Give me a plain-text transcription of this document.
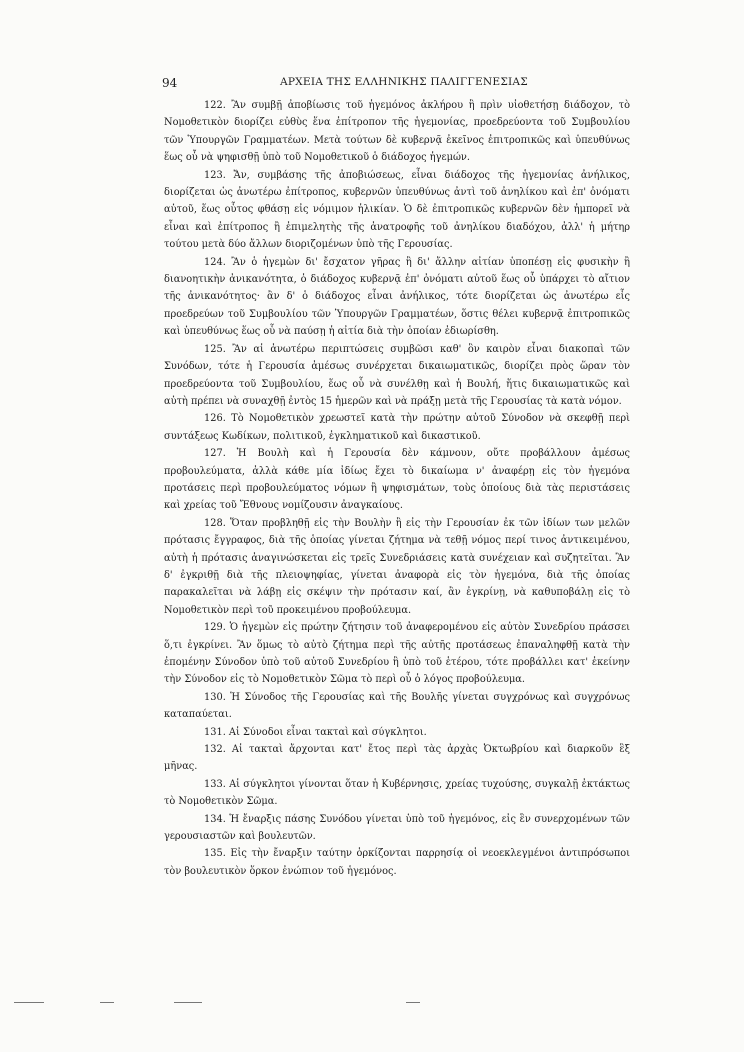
94	ΑΡΧΕΙΑ ΤΗΣ ΕΛΛΗΝΙΚΗΣ ΠΑΛΙΓΓΕΝΕΣΙΑΣ

122. Ἂν συμβῇ ἀποβίωσις τοῦ ἡγεμόνος ἀκλήρου ἢ πρὶν υἱοθετήσῃ διάδοχον, τὸ Νομοθετικὸν διορίζει εὐθὺς ἕνα ἐπίτροπον τῆς ἡγεμονίας, προεδρεύοντα τοῦ Συμβουλίου τῶν Ὑπουργῶν Γραμματέων. Μετὰ τούτων δὲ κυβερνᾷ ἐκεῖνος ἐπιτροπικῶς καὶ ὑπευθύνως ἕως οὗ νὰ ψηφισθῇ ὑπὸ τοῦ Νομοθετικοῦ ὁ διάδοχος ἡγεμών.

123. Ἄν, συμβάσης τῆς ἀποβιώσεως, εἶναι διάδοχος τῆς ἡγεμονίας ἀνήλικος, διορίζεται ὡς ἀνωτέρω ἐπίτροπος, κυβερνῶν ὑπευθύνως ἀντὶ τοῦ ἀνηλίκου καὶ ἐπ' ὀνόματι αὐτοῦ, ἕως οὗτος φθάσῃ εἰς νόμιμον ἡλικίαν. Ὁ δὲ ἐπιτροπικῶς κυβερνῶν δὲν ἠμπορεῖ νὰ εἶναι καὶ ἐπίτροπος ἢ ἐπιμελητὴς τῆς ἀνατροφῆς τοῦ ἀνηλίκου διαδόχου, ἀλλ' ἡ μήτηρ τούτου μετὰ δύο ἄλλων διοριζομένων ὑπὸ τῆς Γερουσίας.

124. Ἂν ὁ ἡγεμὼν δι' ἔσχατον γῆρας ἢ δι' ἄλλην αἰτίαν ὑποπέσῃ εἰς φυσικὴν ἢ διανοητικὴν ἀνικανότητα, ὁ διάδοχος κυβερνᾷ ἐπ' ὀνόματι αὐτοῦ ἕως οὗ ὑπάρχει τὸ αἴτιον τῆς ἀνικανότητος· ἂν δ' ὁ διάδοχος εἶναι ἀνήλικος, τότε διορίζεται ὡς ἀνωτέρω εἷς προεδρεύων τοῦ Συμβουλίου τῶν Ὑπουργῶν Γραμματέων, ὅστις θέλει κυβερνᾷ ἐπιτροπικῶς καὶ ὑπευθύνως ἕως οὗ νὰ παύσῃ ἡ αἰτία διὰ τὴν ὁποίαν ἐδιωρίσθη.

125. Ἂν αἱ ἀνωτέρω περιπτώσεις συμβῶσι καθ' ὃν καιρὸν εἶναι διακοπαὶ τῶν Συνόδων, τότε ἡ Γερουσία ἀμέσως συνέρχεται δικαιωματικῶς, διορίζει πρὸς ὥραν τὸν προεδρεύοντα τοῦ Συμβουλίου, ἕως οὗ νὰ συνέλθῃ καὶ ἡ Βουλή, ἥτις δικαιωματικῶς καὶ αὐτὴ πρέπει νὰ συναχθῇ ἐντὸς 15 ἡμερῶν καὶ νὰ πράξῃ μετὰ τῆς Γερουσίας τὰ κατὰ νόμον.

126. Τὸ Νομοθετικὸν χρεωστεῖ κατὰ τὴν πρώτην αὐτοῦ Σύνοδον νὰ σκεφθῇ περὶ συντάξεως Κωδίκων, πολιτικοῦ, ἐγκληματικοῦ καὶ δικαστικοῦ.

127. Ἡ Βουλὴ καὶ ἡ Γερουσία δὲν κάμνουν, οὔτε προβάλλουν ἀμέσως προβουλεύματα, ἀλλὰ κάθε μία ἰδίως ἔχει τὸ δικαίωμα ν' ἀναφέρῃ εἰς τὸν ἡγεμόνα προτάσεις περὶ προβουλεύματος νόμων ἢ ψηφισμάτων, τοὺς ὁποίους διὰ τὰς περιστάσεις καὶ χρείας τοῦ Ἔθνους νομίζουσιν ἀναγκαίους.

128. Ὅταν προβληθῇ εἰς τὴν Βουλὴν ἢ εἰς τὴν Γερουσίαν ἐκ τῶν ἰδίων των μελῶν πρότασις ἔγγραφος, διὰ τῆς ὁποίας γίνεται ζήτημα νὰ τεθῇ νόμος περί τινος ἀντικειμένου, αὐτὴ ἡ πρότασις ἀναγινώσκεται εἰς τρεῖς Συνεδριάσεις κατὰ συνέχειαν καὶ συζητεῖται. Ἂν δ' ἐγκριθῇ διὰ τῆς πλειοψηφίας, γίνεται ἀναφορὰ εἰς τὸν ἡγεμόνα, διὰ τῆς ὁποίας παρακαλεῖται νὰ λάβῃ εἰς σκέψιν τὴν πρότασιν καί, ἂν ἐγκρίνῃ, νὰ καθυποβάλῃ εἰς τὸ Νομοθετικὸν περὶ τοῦ προκειμένου προβούλευμα.

129. Ὁ ἡγεμὼν εἰς πρώτην ζήτησιν τοῦ ἀναφερομένου εἰς αὐτὸν Συνεδρίου πράσσει ὅ,τι ἐγκρίνει. Ἂν ὅμως τὸ αὐτὸ ζήτημα περὶ τῆς αὐτῆς προτάσεως ἐπαναληφθῇ κατὰ τὴν ἐπομένην Σύνοδον ὑπὸ τοῦ αὐτοῦ Συνεδρίου ἢ ὑπὸ τοῦ ἑτέρου, τότε προβάλλει κατ' ἐκείνην τὴν Σύνοδον εἰς τὸ Νομοθετικὸν Σῶμα τὸ περὶ οὗ ὁ λόγος προβούλευμα.

130. Ἡ Σύνοδος τῆς Γερουσίας καὶ τῆς Βουλῆς γίνεται συγχρόνως καὶ συγχρόνως καταπαύεται.

131. Αἱ Σύνοδοι εἶναι τακταὶ καὶ σύγκλητοι.

132. Αἱ τακταὶ ἄρχονται κατ' ἔτος περὶ τὰς ἀρχὰς Ὀκτωβρίου καὶ διαρκοῦν ἓξ μῆνας.

133. Αἱ σύγκλητοι γίνονται ὅταν ἡ Κυβέρνησις, χρείας τυχούσης, συγκαλῇ ἐκτάκτως τὸ Νομοθετικὸν Σῶμα.

134. Ἡ ἔναρξις πάσης Συνόδου γίνεται ὑπὸ τοῦ ἡγεμόνος, εἰς ἓν συνερχομένων τῶν γερουσιαστῶν καὶ βουλευτῶν.

135. Εἰς τὴν ἔναρξιν ταύτην ὁρκίζονται παρρησίᾳ οἱ νεοεκλεγμένοι ἀντιπρόσωποι τὸν βουλευτικὸν ὅρκον ἐνώπιον τοῦ ἡγεμόνος.
